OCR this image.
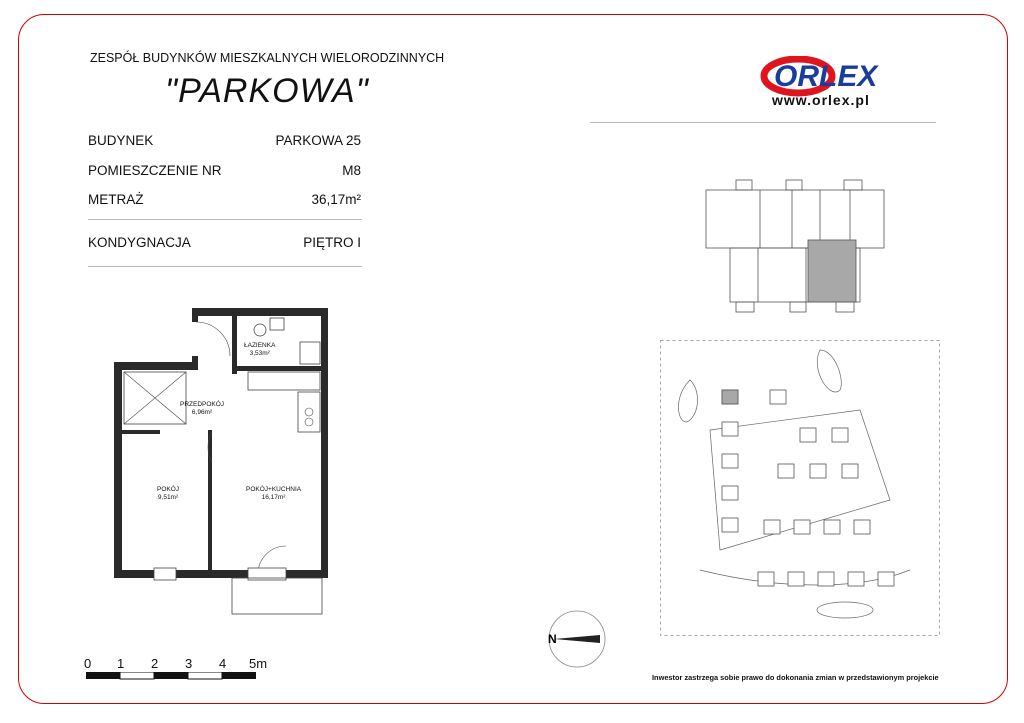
ZESPÓŁ BUDYNKÓW MIESZKALNYCH WIELORODZINNYCH
"PARKOWA"	ORLEX
www.orlex.pl
BUDYNEK	PARKOWA 25
POMIESZCZENIE NR	M8
METRAŻ	36,17m²
KONDYGNACJA	PIĘTRO I
ŁAZIENKA
3,53m²
PRZEDPOKÓJ
6,96m²
POKÓJ
9,51m²
POKÓJ+KUCHNIA
16,17m²
N
0 1 2 3 4 5m
Inwestor zastrzega sobie prawo do dokonania zmian w przedstawionym projekcie
